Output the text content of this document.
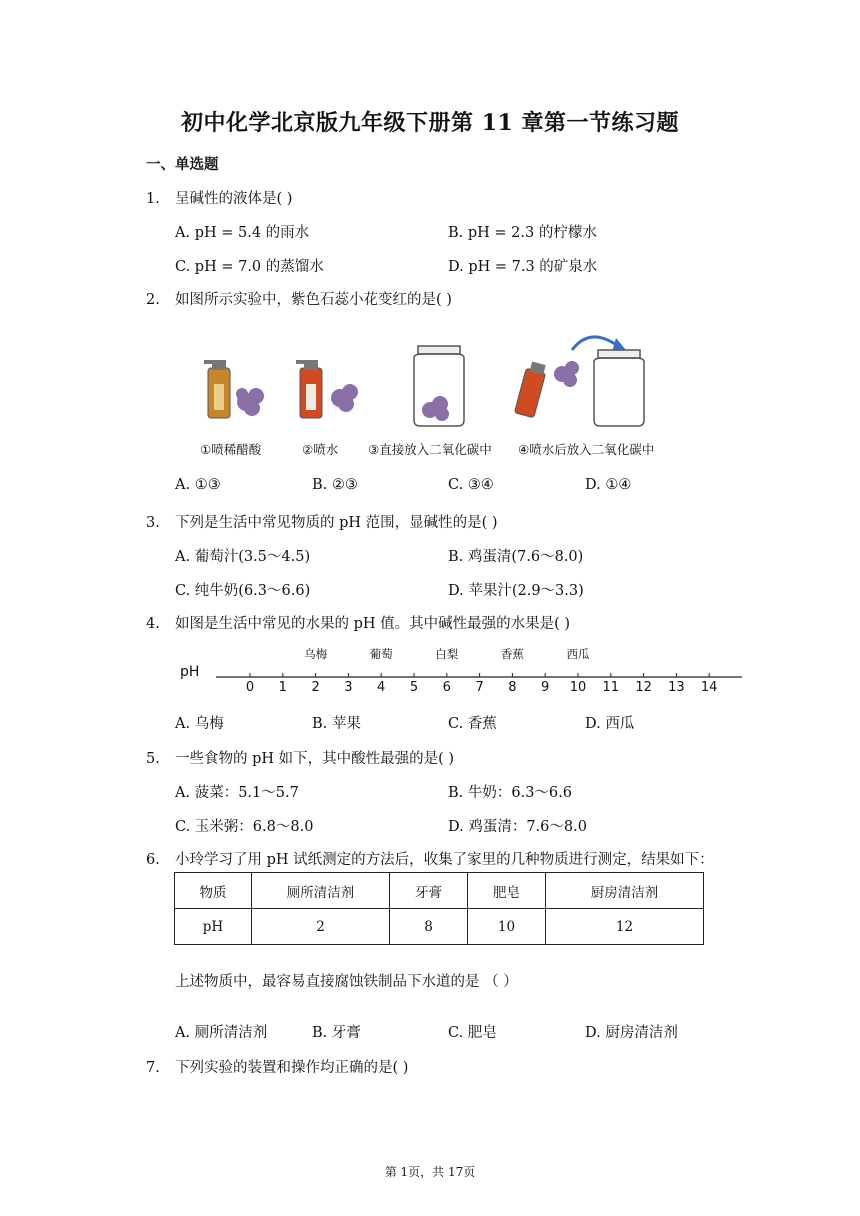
初中化学北京版九年级下册第 11 章第一节练习题
一、单选题
1. 呈碱性的液体是( )
A. pH = 5.4 的雨水	B. pH = 2.3 的柠檬水
C. pH = 7.0 的蒸馏水	D. pH = 7.3 的矿泉水
2. 如图所示实验中，紫色石蕊小花变红的是( )
①喷稀醋酸	②喷水 ③直接放入二氧化碳中 ④喷水后放入二氧化碳中
A. ①③	B. ②③	C. ③④	D. ①④
3. 下列是生活中常见物质的 pH 范围，显碱性的是( )
A. 葡萄汁(3.5～4.5)	B. 鸡蛋清(7.6～8.0)
C. 纯牛奶(6.3～6.6)	D. 苹果汁(2.9～3.3)
4. 如图是生活中常见的水果的 pH 值。其中碱性最强的水果是( )
pH
0 1 2 3 4 5 6 7 8 9 10 11 12 13 14
乌梅	葡萄	白梨	香蕉	西瓜
A. 乌梅	B. 苹果	C. 香蕉	D. 西瓜
5. 一些食物的 pH 如下，其中酸性最强的是( )
A. 菠菜：5.1～5.7	B. 牛奶：6.3～6.6
C. 玉米粥：6.8～8.0	D. 鸡蛋清：7.6～8.0
6. 小玲学习了用 pH 试纸测定的方法后，收集了家里的几种物质进行测定，结果如下：
物质	厕所清洁剂	牙膏	肥皂	厨房清洁剂
pH	2	8	10	12
上述物质中，最容易直接腐蚀铁制品下水道的是 （ ）
A. 厕所清洁剂	B. 牙膏	C. 肥皂	D. 厨房清洁剂
7. 下列实验的装置和操作均正确的是( )
第 1页，共 17页
